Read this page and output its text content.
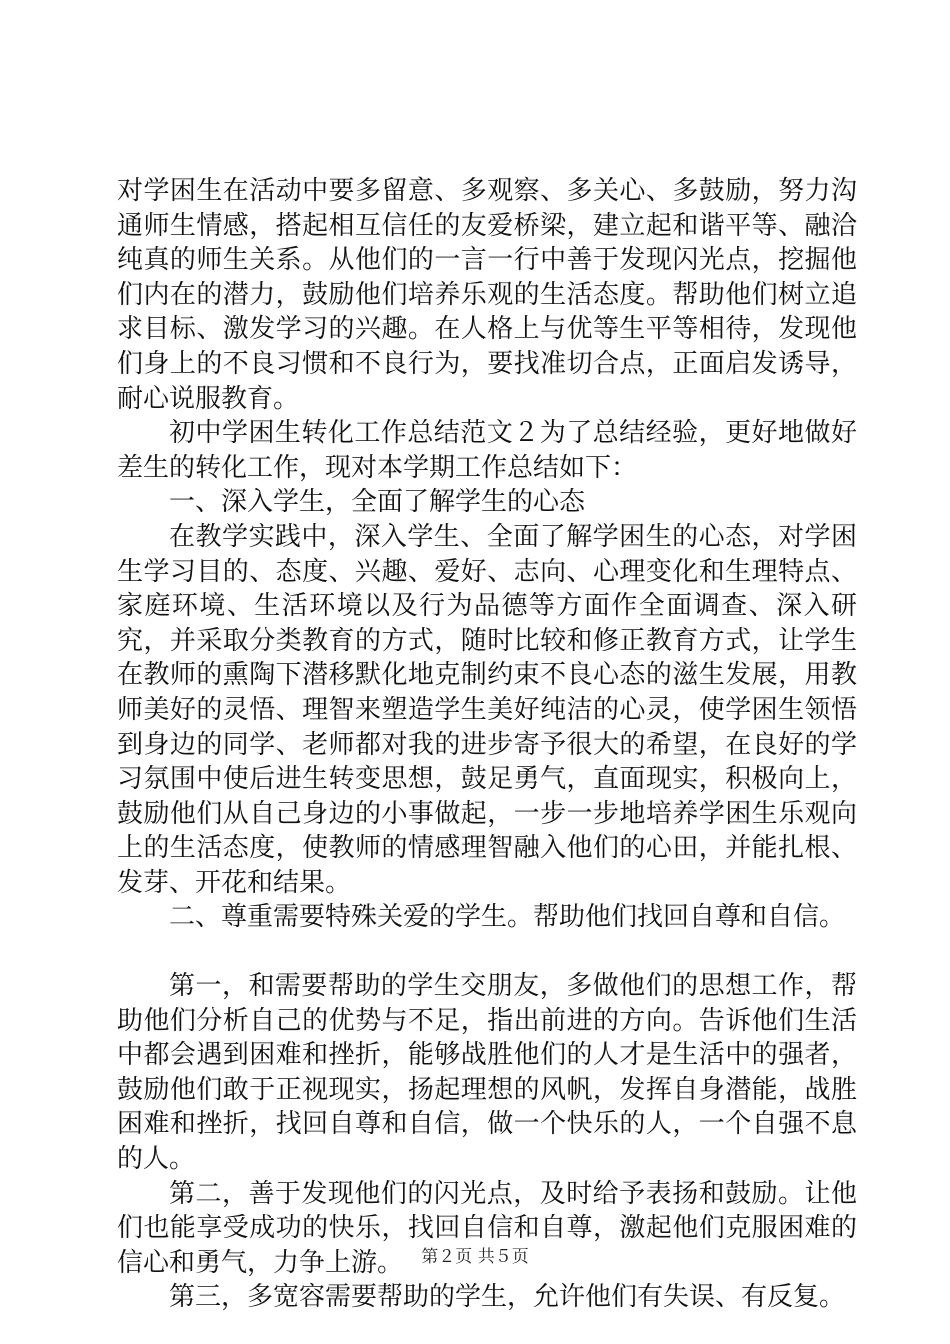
对学困生在活动中要多留意、多观察、多关心、多鼓励，努力沟通师生情感，搭起相互信任的友爱桥梁，建立起和谐平等、融洽纯真的师生关系。从他们的一言一行中善于发现闪光点，挖掘他们内在的潜力，鼓励他们培养乐观的生活态度。帮助他们树立追求目标、激发学习的兴趣。在人格上与优等生平等相待，发现他们身上的不良习惯和不良行为，要找准切合点，正面启发诱导，耐心说服教育。

初中学困生转化工作总结范文２为了总结经验，更好地做好差生的转化工作，现对本学期工作总结如下：

一、深入学生，全面了解学生的心态

在教学实践中，深入学生、全面了解学困生的心态，对学困生学习目的、态度、兴趣、爱好、志向、心理变化和生理特点、家庭环境、生活环境以及行为品德等方面作全面调查、深入研究，并采取分类教育的方式，随时比较和修正教育方式，让学生在教师的熏陶下潜移默化地克制约束不良心态的滋生发展，用教师美好的灵悟、理智来塑造学生美好纯洁的心灵，使学困生领悟到身边的同学、老师都对我的进步寄予很大的希望，在良好的学习氛围中使后进生转变思想，鼓足勇气，直面现实，积极向上，鼓励他们从自己身边的小事做起，一步一步地培养学困生乐观向上的生活态度，使教师的情感理智融入他们的心田，并能扎根、发芽、开花和结果。

二、尊重需要特殊关爱的学生。帮助他们找回自尊和自信。

第一，和需要帮助的学生交朋友，多做他们的思想工作，帮助他们分析自己的优势与不足，指出前进的方向。告诉他们生活中都会遇到困难和挫折，能够战胜他们的人才是生活中的强者，鼓励他们敢于正视现实，扬起理想的风帆，发挥自身潜能，战胜困难和挫折，找回自尊和自信，做一个快乐的人，一个自强不息的人。

第二，善于发现他们的闪光点，及时给予表扬和鼓励。让他们也能享受成功的快乐，找回自信和自尊，激起他们克服困难的信心和勇气，力争上游。

第三，多宽容需要帮助的学生，允许他们有失误、有反复。

第２页 共５页
